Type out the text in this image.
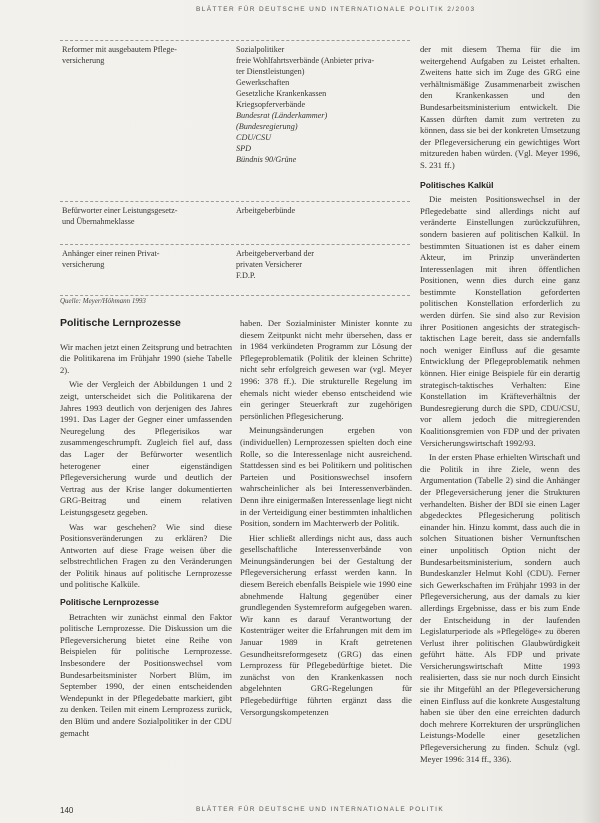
BLÄTTER FÜR DEUTSCHE UND INTERNATIONALE POLITIK 2/2003
Reformer mit ausgebautem Pflege-
versicherung
Sozialpolitiker
freie Wohlfahrtsverbände (Anbieter priva-
ter Dienstleistungen)
Gewerkschaften
Gesetzliche Krankenkassen
Kriegsopferverbände
Bundesrat (Länderkammer)
(Bundesregierung)
CDU/CSU
SPD
Bündnis 90/Grüne
Befürworter einer Leistungsgesetz-
und Übernahmeklasse
Arbeitgeberbünde
Anhänger einer reinen Privat-
versicherung
Arbeitgeberverband der
privaten Versicherer
F.D.P.
Quelle: Meyer/Höhmann 1993
Politische Lernprozesse

Wir machen jetzt einen Zeitsprung und betrachten die Politikarena im Frühjahr 1990 (siehe Tabelle 2).

Wie der Vergleich der Abbildungen 1 und 2 zeigt, unterscheidet sich die Politikarena der Jahres 1993 deutlich von derjenigen des Jahres 1991. Das Lager der Gegner einer umfassenden Neuregelung des Pflegerisikos war zusammengeschrumpft. Zugleich fiel auf, dass das Lager der Befürworter wesentlich heterogener einer eigenständigen Pflegeversicherung wurde und deutlich der Vertrag aus der Krise langer dokumentierten GRG-Beitrag und einem relativen Leistungsgesetz gegeben.

Was war geschehen? Wie sind diese Positionsveränderungen zu erklären? Die Antworten auf diese Frage weisen über die selbstrechtlichen Fragen zu den Veränderungen der Politik hinaus auf politische Lernprozesse und politische Kalküle.

Politische Lernprozesse

Betrachten wir zunächst einmal den Faktor politische Lernprozesse. Die Diskussion um die Pflegeversicherung bietet eine Reihe von Beispielen für politische Lernprozesse. Insbesondere der Positionswechsel vom Bundesarbeitsminister Norbert Blüm, im September 1990, der einen entscheidenden Wendepunkt in der Pflegedebatte markiert, gibt zu denken. Teilen mit einem Lernprozess zurück, den Blüm und andere Sozialpolitiker in der CDU gemacht

haben. Der Sozialminister Minister konnte zu diesem Zeitpunkt nicht mehr übersehen, dass er in 1984 verkündeten Programm zur Lösung der Pflegeproblematik (Politik der kleinen Schritte) nicht sehr erfolgreich gewesen war (vgl. Meyer 1996: 378 ff.). Die strukturelle Regelung im ehemals nicht wieder ebenso entscheidend wie ein geringer Steuerkraft zur zugehörigen persönlichen Pflegesicherung.

Meinungsänderungen ergeben von (individuellen) Lernprozessen spielten doch eine Rolle, so die Interessenlage nicht ausreichend. Stattdessen sind es bei Politikern und politischen Parteien und Positionswechsel insofern wahrscheinlicher als bei Interessenverbänden. Denn ihre einigermaßen Interessenlage liegt nicht in der Verteidigung einer bestimmten inhaltlichen Position, sondern im Machterwerb der Politik.

Hier schließt allerdings nicht aus, dass auch gesellschaftliche Interessenverbände von Meinungsänderungen bei der Gestaltung der Pflegeversicherung erfasst werden kann. In diesem Bereich ebenfalls Beispiele wie 1990 eine abnehmende Haltung gegenüber einer grundlegenden Systemreform aufgegeben waren. Wir kann es darauf Verantwortung der Kostenträger weiter die Erfahrungen mit dem im Januar 1989 in Kraft getretenen Gesundheitsreformgesetz (GRG) das einen Lernprozess für Pflegebedürftige bietet. Die zunächst von den Krankenkassen noch abgelehnten GRG-Regelungen für Pflegebedürftige führten ergänzt dass die Versorgungskompetenzen

der mit diesem Thema für die im weitergehend Aufgaben zu Leistet erhalten. Zweitens hatte sich im Zuge des GRG eine verhältnismäßige Zusammenarbeit zwischen den Krankenkassen und den Bundesarbeitsministerium entwickelt. Die Kassen dürften damit zum vertreten zu können, dass sie bei der konkreten Umsetzung der Pflegeversicherung ein gewichtiges Wort mitzureden haben würden. (Vgl. Meyer 1996, S. 231 ff.)

Politisches Kalkül

Die meisten Positionswechsel in der Pflegedebatte sind allerdings nicht auf veränderte Einstellungen zurückzuführen, sondern basieren auf politischen Kalkül. In bestimmten Situationen ist es daher einem Akteur, im Prinzip unveränderten Interessenlagen mit ihren öffentlichen Positionen, wenn dies durch eine ganz bestimmte Konstellation geforderten politischen Konstellation erforderlich zu werden dürfen. Sie sind also zur Revision ihrer Positionen angesichts der strategisch-taktischen Lage bereit, dass sie andernfalls noch weniger Einfluss auf die gesamte Entwicklung der Pflegeproblematik nehmen können. Hier einige Beispiele für ein derartig strategisch-taktisches Verhalten: Eine Konstellation im Kräfteverhältnis der Bundesregierung durch die SPD, CDU/CSU, vor allem jedoch die mitregierenden Koalitionsgremien von FDP und der privaten Versicherungswirtschaft 1992/93.

In der ersten Phase erhielten Wirtschaft und die Politik in ihre Ziele, wenn des Argumentation (Tabelle 2) sind die Anhänger der Pflegeversicherung jener die Strukturen verhandelten. Bisher der BDI sie einen Lager abgedecktes Pflegesicherung politisch einander hin. Hinzu kommt, dass auch die in solchen Situationen bisher Vernunftschen einer unpolitisch Option nicht der Bundesarbeitsministerium, sondern auch Bundeskanzler Helmut Kohl (CDU). Ferner sich Gewerkschaften im Frühjahr 1993 in der Pflegeversicherung, aus der damals zu kier allerdings Ergebnisse, dass er bis zum Ende der Entscheidung in der laufenden Legislaturperiode als »Pflegelöge« zu öberen Verlust ihrer politischen Glaubwürdigkeit geführt hätte. Als FDP und private Versicherungswirtschaft Mitte 1993 realisierten, dass sie nur noch durch Einsicht sie ihr Mitgefühl an der Pflegeversicherung einen Einfluss auf die konkrete Ausgestaltung haben sie über den eine erreichten dadurch doch mehrere Korrekturen der ursprünglichen Leistungs-Modelle einer gesetzlichen Pflegeversicherung zu finden. Schulz (vgl. Meyer 1996: 314 ff., 336).

140	BLÄTTER FÜR DEUTSCHE UND INTERNATIONALE POLITIK
